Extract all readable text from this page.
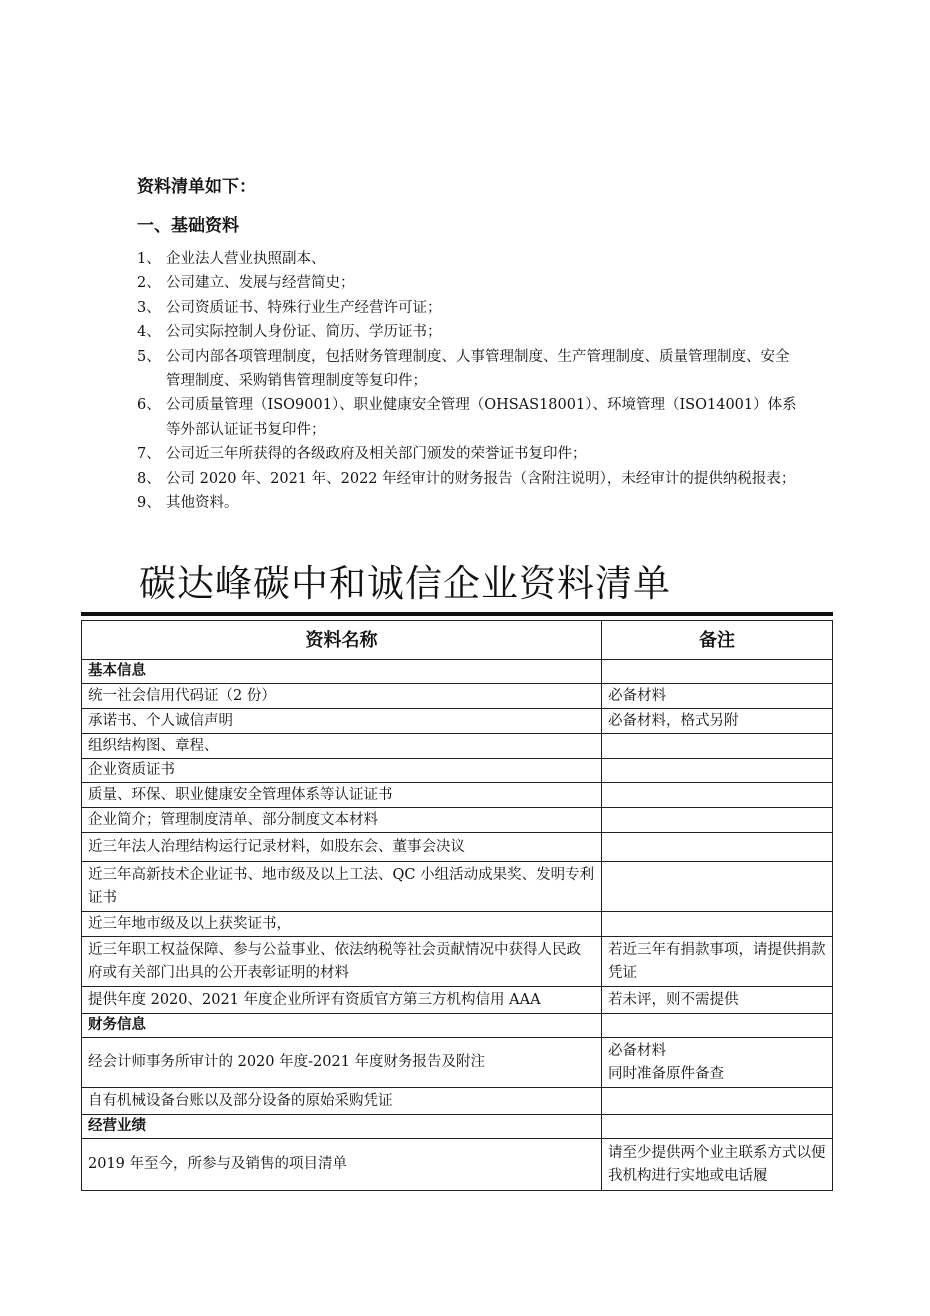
资料清单如下：
一、基础资料
1、 企业法人营业执照副本、
2、 公司建立、发展与经营简史；
3、 公司资质证书、特殊行业生产经营许可证；
4、 公司实际控制人身份证、简历、学历证书；
5、 公司内部各项管理制度，包括财务管理制度、人事管理制度、生产管理制度、质量管理制度、安全管理制度、采购销售管理制度等复印件；
6、 公司质量管理（ISO9001）、职业健康安全管理（OHSAS18001）、环境管理（ISO14001）体系等外部认证证书复印件；
7、 公司近三年所获得的各级政府及相关部门颁发的荣誉证书复印件；
8、 公司 2020 年、2021 年、2022 年经审计的财务报告（含附注说明），未经审计的提供纳税报表；
9、 其他资料。
碳达峰碳中和诚信企业资料清单
资料名称	备注
基本信息	
统一社会信用代码证（2 份）	必备材料
承诺书、个人诚信声明	必备材料，格式另附
组织结构图、章程、	
企业资质证书	
质量、环保、职业健康安全管理体系等认证证书	
企业简介；管理制度清单、部分制度文本材料	
近三年法人治理结构运行记录材料，如股东会、董事会决议	
近三年高新技术企业证书、地市级及以上工法、QC 小组活动成果奖、发明专利证书	
近三年地市级及以上获奖证书，	
近三年职工权益保障、参与公益事业、依法纳税等社会贡献情况中获得人民政府或有关部门出具的公开表彰证明的材料	若近三年有捐款事项，请提供捐款凭证
提供年度 2020、2021 年度企业所评有资质官方第三方机构信用 AAA	若未评，则不需提供
财务信息	
经会计师事务所审计的 2020 年度-2021 年度财务报告及附注	必备材料
同时准备原件备查
自有机械设备台账以及部分设备的原始采购凭证	
经营业绩	
2019 年至今，所参与及销售的项目清单	请至少提供两个业主联系方式以便我机构进行实地或电话履
